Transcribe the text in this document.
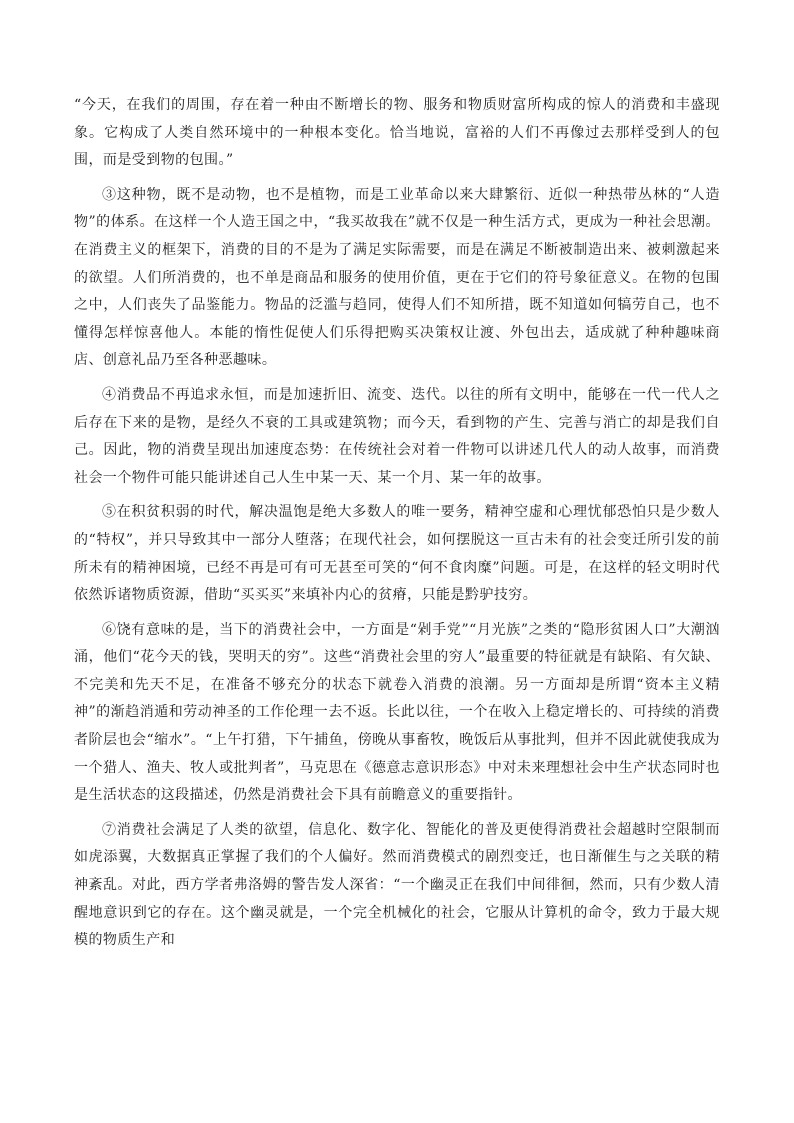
“今天，在我们的周围，存在着一种由不断增长的物、服务和物质财富所构成的惊人的消费和丰盛现象。它构成了人类自然环境中的一种根本变化。恰当地说，富裕的人们不再像过去那样受到人的包围，而是受到物的包围。”

③这种物，既不是动物，也不是植物，而是工业革命以来大肆繁衍、近似一种热带丛林的“人造物”的体系。在这样一个人造王国之中，“我买故我在”就不仅是一种生活方式，更成为一种社会思潮。在消费主义的框架下，消费的目的不是为了满足实际需要，而是在满足不断被制造出来、被刺激起来的欲望。人们所消费的，也不单是商品和服务的使用价值，更在于它们的符号象征意义。在物的包围之中，人们丧失了品鉴能力。物品的泛滥与趋同，使得人们不知所措，既不知道如何犒劳自己，也不懂得怎样惊喜他人。本能的惰性促使人们乐得把购买决策权让渡、外包出去，适成就了种种趣味商店、创意礼品乃至各种恶趣味。

④消费品不再追求永恒，而是加速折旧、流变、迭代。以往的所有文明中，能够在一代一代人之后存在下来的是物，是经久不衰的工具或建筑物；而今天，看到物的产生、完善与消亡的却是我们自己。因此，物的消费呈现出加速度态势：在传统社会对着一件物可以讲述几代人的动人故事，而消费社会一个物件可能只能讲述自己人生中某一天、某一个月、某一年的故事。

⑤在积贫积弱的时代，解决温饱是绝大多数人的唯一要务，精神空虚和心理忧郁恐怕只是少数人的“特权”，并只导致其中一部分人堕落；在现代社会，如何摆脱这一亘古未有的社会变迁所引发的前所未有的精神困境，已经不再是可有可无甚至可笑的“何不食肉糜”问题。可是，在这样的轻文明时代依然诉诸物质资源，借助“买买买”来填补内心的贫瘠，只能是黔驴技穷。

⑥饶有意味的是，当下的消费社会中，一方面是“剁手党”“月光族”之类的“隐形贫困人口”大潮汹涌，他们“花今天的钱，哭明天的穷”。这些“消费社会里的穷人”最重要的特征就是有缺陷、有欠缺、不完美和先天不足，在准备不够充分的状态下就卷入消费的浪潮。另一方面却是所谓“资本主义精神”的渐趋消遁和劳动神圣的工作伦理一去不返。长此以往，一个在收入上稳定增长的、可持续的消费者阶层也会“缩水”。“上午打猎，下午捕鱼，傍晚从事畜牧，晚饭后从事批判，但并不因此就使我成为一个猎人、渔夫、牧人或批判者”，马克思在《德意志意识形态》中对未来理想社会中生产状态同时也是生活状态的这段描述，仍然是消费社会下具有前瞻意义的重要指针。

⑦消费社会满足了人类的欲望，信息化、数字化、智能化的普及更使得消费社会超越时空限制而如虎添翼，大数据真正掌握了我们的个人偏好。然而消费模式的剧烈变迁，也日渐催生与之关联的精神紊乱。对此，西方学者弗洛姆的警告发人深省：“一个幽灵正在我们中间徘徊，然而，只有少数人清醒地意识到它的存在。这个幽灵就是，一个完全机械化的社会，它服从计算机的命令，致力于最大规模的物质生产和
